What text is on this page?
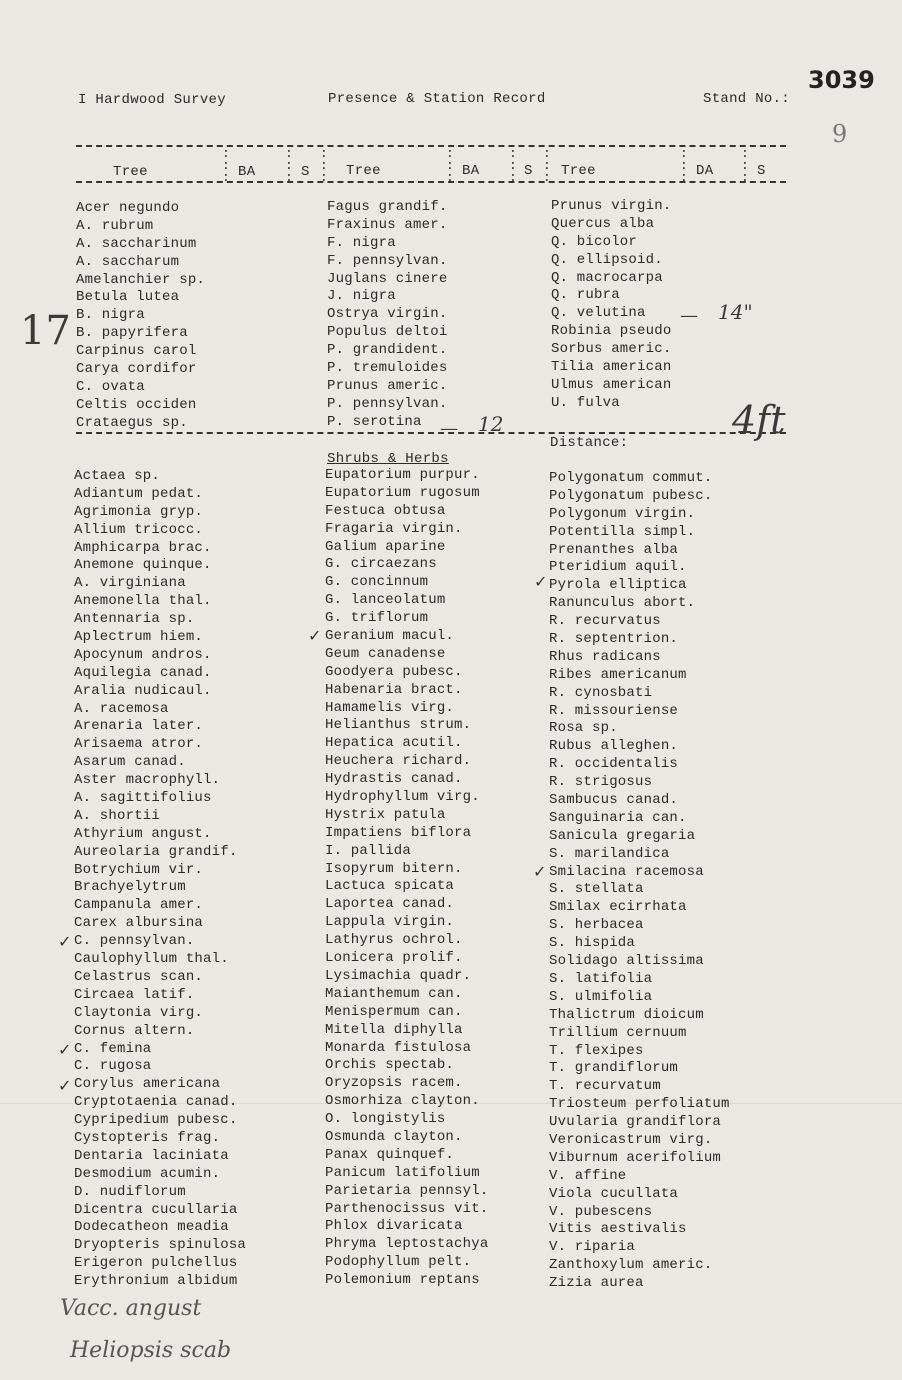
I Hardwood Survey	Presence & Station Record	Stand No.:
3039
9
Tree	BA	S	Tree	BA	S Tree	DA	S
:
:
:
:
:
:
:
:
:
:
:
:
:
:
:
:
:
:
:
:
:
:
:
:
Acer negundo
A. rubrum
A. saccharinum
A. saccharum
Amelanchier sp.
Betula lutea
B. nigra
B. papyrifera
Carpinus carol
Carya cordifor
C. ovata
Celtis occiden
Crataegus sp.
Fagus grandif.
Fraxinus amer.
F. nigra
F. pennsylvan.
Juglans cinere
J. nigra
Ostrya virgin.
Populus deltoi
P. grandident.
P. tremuloides
Prunus americ.
P. pennsylvan.
P. serotina
Prunus virgin.
Quercus alba
Q. bicolor
Q. ellipsoid.
Q. macrocarpa
Q. rubra
Q. velutina
Robinia pseudo
Sorbus americ.
Tilia american
Ulmus american
U. fulva
17	— 14"
— 12
Distance:
4ft
Shrubs & Herbs
Actaea sp.
Adiantum pedat.
Agrimonia gryp.
Allium tricocc.
Amphicarpa brac.
Anemone quinque.
A. virginiana
Anemonella thal.
Antennaria sp.
Aplectrum hiem.
Apocynum andros.
Aquilegia canad.
Aralia nudicaul.
A. racemosa
Arenaria later.
Arisaema atror.
Asarum canad.
Aster macrophyll.
A. sagittifolius
A. shortii
Athyrium angust.
Aureolaria grandif.
Botrychium vir.
Brachyelytrum
Campanula amer.
Carex albursina
C. pennsylvan.
Caulophyllum thal.
Celastrus scan.
Circaea latif.
Claytonia virg.
Cornus altern.
C. femina
C. rugosa
Corylus americana
Cryptotaenia canad.
Cypripedium pubesc.
Cystopteris frag.
Dentaria laciniata
Desmodium acumin.
D. nudiflorum
Dicentra cucullaria
Dodecatheon meadia
Dryopteris spinulosa
Erigeron pulchellus
Erythronium albidum
Eupatorium purpur.
Eupatorium rugosum
Festuca obtusa
Fragaria virgin.
Galium aparine
G. circaezans
G. concinnum
G. lanceolatum
G. triflorum
Geranium macul.
Geum canadense
Goodyera pubesc.
Habenaria bract.
Hamamelis virg.
Helianthus strum.
Hepatica acutil.
Heuchera richard.
Hydrastis canad.
Hydrophyllum virg.
Hystrix patula
Impatiens biflora
I. pallida
Isopyrum bitern.
Lactuca spicata
Laportea canad.
Lappula virgin.
Lathyrus ochrol.
Lonicera prolif.
Lysimachia quadr.
Maianthemum can.
Menispermum can.
Mitella diphylla
Monarda fistulosa
Orchis spectab.
Oryzopsis racem.
Osmorhiza clayton.
O. longistylis
Osmunda clayton.
Panax quinquef.
Panicum latifolium
Parietaria pennsyl.
Parthenocissus vit.
Phlox divaricata
Phryma leptostachya
Podophyllum pelt.
Polemonium reptans
Polygonatum commut.
Polygonatum pubesc.
Polygonum virgin.
Potentilla simpl.
Prenanthes alba
Pteridium aquil.
Pyrola elliptica
Ranunculus abort.
R. recurvatus
R. septentrion.
Rhus radicans
Ribes americanum
R. cynosbati
R. missouriense
Rosa sp.
Rubus alleghen.
R. occidentalis
R. strigosus
Sambucus canad.
Sanguinaria can.
Sanicula gregaria
S. marilandica
Smilacina racemosa
S. stellata
Smilax ecirrhata
S. herbacea
S. hispida
Solidago altissima
S. latifolia
S. ulmifolia
Thalictrum dioicum
Trillium cernuum
T. flexipes
T. grandiflorum
T. recurvatum
Triosteum perfoliatum
Uvularia grandiflora
Veronicastrum virg.
Viburnum acerifolium
V. affine
Viola cucullata
V. pubescens
Vitis aestivalis
V. riparia
Zanthoxylum americ.
Zizia aurea
✓
✓
✓
✓
✓
✓
Vacc. angust
Heliopsis scab
